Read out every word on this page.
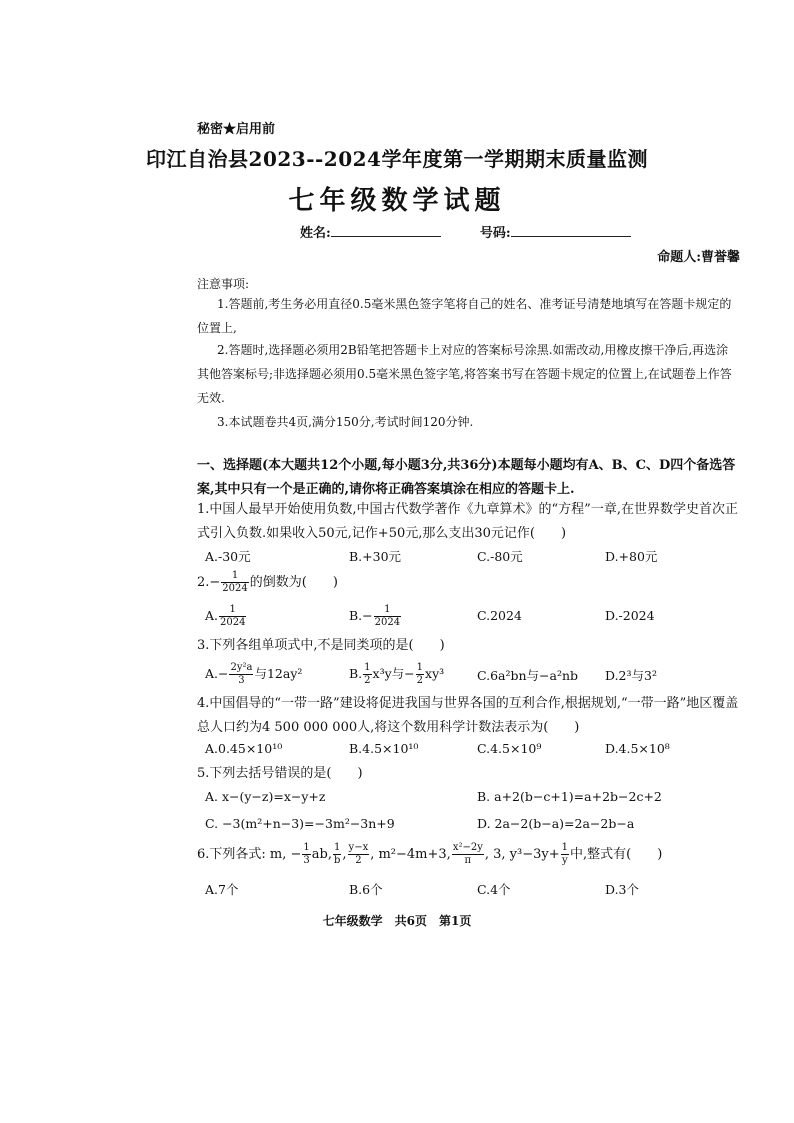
秘密★启用前
印江自治县2023--2024学年度第一学期期末质量监测
七年级数学试题
姓名:	号码:
命题人:曹誉馨
注意事项:
1.答题前,考生务必用直径0.5毫米黑色签字笔将自己的姓名、准考证号清楚地填写在答题卡规定的位置上,
2.答题时,选择题必须用2B铅笔把答题卡上对应的答案标号涂黑.如需改动,用橡皮擦干净后,再选涂其他答案标号;非选择题必须用0.5毫米黑色签字笔,将答案书写在答题卡规定的位置上,在试题卷上作答无效.
3.本试题卷共4页,满分150分,考试时间120分钟.
一、选择题(本大题共12个小题,每小题3分,共36分)本题每小题均有A、B、C、D四个备选答案,其中只有一个是正确的,请你将正确答案填涂在相应的答题卡上.
1.中国人最早开始使用负数,中国古代数学著作《九章算术》的“方程”一章,在世界数学史首次正式引入负数.如果收入50元,记作+50元,那么支出30元记作(　　)
A.-30元	B.+30元	C.-80元	D.+80元
$2.- \frac{1}{2024}$ 的倒数为(　　)
A. $\frac{1}{2024}$	$B.- \frac{1}{2024}$	C.2024	D.-2024
3.下列各组单项式中,不是同类项的是(　　)
$A.- \frac{\text{2y²a}}{3}$ 与12ay²	B. $\frac{1}{2} x^3y$与− $\frac{1}{2} xy^3$	C.6a²bn与−a²nb D.2³与3²
4.中国倡导的“一带一路”建设将促进我国与世界各国的互利合作,根据规划,“一带一路”地区覆盖总人口约为4 500 000 000人,将这个数用科学计数法表示为(　　)
A.0.45×10¹⁰	B.4.5×10¹⁰	C.4.5×10⁹	D.4.5×10⁸
5.下列去括号错误的是(　　)
A. x−(y−z)=x−y+z	B. a+2(b−c+1)=a+2b−2c+2
C. −3(m²+n−3)=−3m²−3n+9	D. 2a−2(b−a)=2a−2b−a
6.下列各式: m, − $\frac{1}{3}$ ab, $\frac{1}{b}$ , $\frac{y-x}{2}$ , m²−4m+3, $\frac{\text{x²−2y}}{\pi}$ , 3, $y^3-3y+ \frac{1}{y}$ 中,整式有(　　)
A.7个	B.6个	C.4个	D.3个
七年级数学　共6页　第1页
